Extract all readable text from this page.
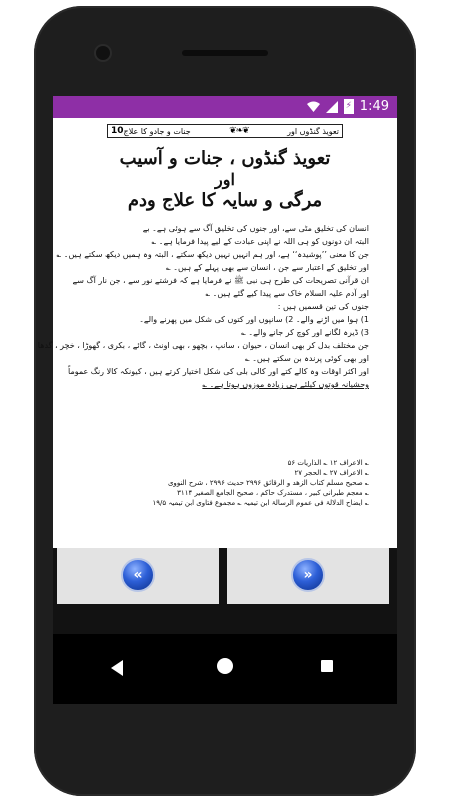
⚡ 1:49
10 جنات و جادو کا علاج	❦❧❦	تعویذ گنڈوں اور
تعویذ گنڈوں ، جنات و آسیب
اور
مرگی و سایہ کا علاج ودم
انسان کی تخلیق مٹی سے، اور جنوں کی تخلیق آگ سے ہوئی ہے۔ بے
البتہ ان دونوں کو ہی اللہ نے اپنی عبادت کے لیے پیدا فرمایا ہے۔ ؎
جن کا معنی ’’پوشیدہ‘‘ ہے، اور ہم انہیں نہیں دیکھ سکتے ، البتہ وہ ہمیں دیکھ سکتے ہیں۔ ؎
اور تخلیق کے اعتبار سے جن ، انسان سے بھی پہلے کے ہیں۔ ؎
ان قرآنی تصریحات کی طرح ہی نبی ﷺ نے فرمایا ہے کہ فرشتے نور سے ، جن نار آگ سے
اور آدم علیہ السلام خاک سے پیدا کیے گئے ہیں۔ ؎
جنوں کی تین قسمیں ہیں :
1) ہوا میں اڑنے والے۔ 2) سانپوں اور کتوں کی شکل میں پھرنے والے۔
3) ڈیرہ لگانے اور کوچ کر جانے والے۔ ؎
جن مختلف بدل کر بھی انسان ، حیوان ، سانپ ، بچھو ، بھی اونٹ ، گائے ، بکری ، گھوڑا ، خچر ، گدھا
اور بھی کوئی پرندہ بن سکتے ہیں۔ ؎
اور اکثر اوقات وہ کالے کتے اور کالی بلی کی شکل اختیار کرتے ہیں ، کیونکہ کالا رنگ عموماً
وحشیانہ قوتوں کیلئے ہی زیادہ موزوں ہوتا ہے۔ ؎
؎ الاعراف ۱۲ ؎ الذاریات ۵۶
؎ الاعراف ۲۷ ؎ الحجر ۲۷
؎ صحیح مسلم کتاب الزھد و الرقائق ۲۹۹۶ حدیث ۲۹۹۶ ، شرح النووی
؎ معجم طبرانی کبیر ، مستدرک حاکم ، صحیح الجامع الصغیر ۳۱۱۴
؎ ایضاح الدلالۃ فی عموم الرسالۃ ابن تیمیہ ؎ مجموع فتاوی ابن تیمیہ ۱۹/۵
«	»
